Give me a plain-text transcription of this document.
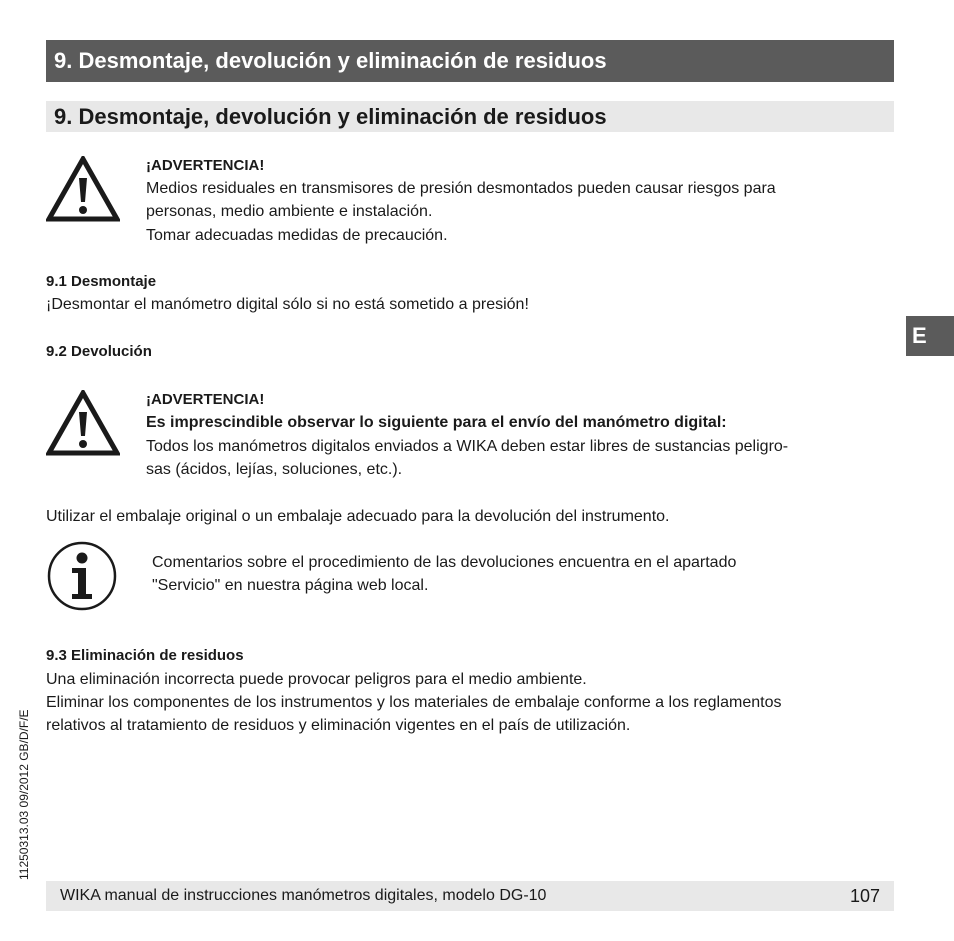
9. Desmontaje, devolución y eliminación de residuos
9. Desmontaje, devolución y eliminación de residuos
¡ADVERTENCIA!
Medios residuales en transmisores de presión desmontados pueden causar riesgos para
personas, medio ambiente e instalación.
Tomar adecuadas medidas de precaución.
9.1 Desmontaje
¡Desmontar el manómetro digital sólo si no está sometido a presión!
9.2 Devolución
¡ADVERTENCIA!
Es imprescindible observar lo siguiente para el envío del manómetro digital:
Todos los manómetros digitalos enviados a WIKA deben estar libres de sustancias peligro-
sas (ácidos, lejías, soluciones, etc.).
Utilizar el embalaje original o un embalaje adecuado para la devolución del instrumento.
Comentarios sobre el procedimiento de las devoluciones encuentra en el apartado
"Servicio" en nuestra página web local.
9.3 Eliminación de residuos
Una eliminación incorrecta puede provocar peligros para el medio ambiente.
Eliminar los componentes de los instrumentos y los materiales de embalaje conforme a los reglamentos
relativos al tratamiento de residuos y eliminación vigentes en el país de utilización.
E
11250313.03 09/2012 GB/D/F/E
WIKA manual de instrucciones manómetros digitales, modelo DG-10	107
